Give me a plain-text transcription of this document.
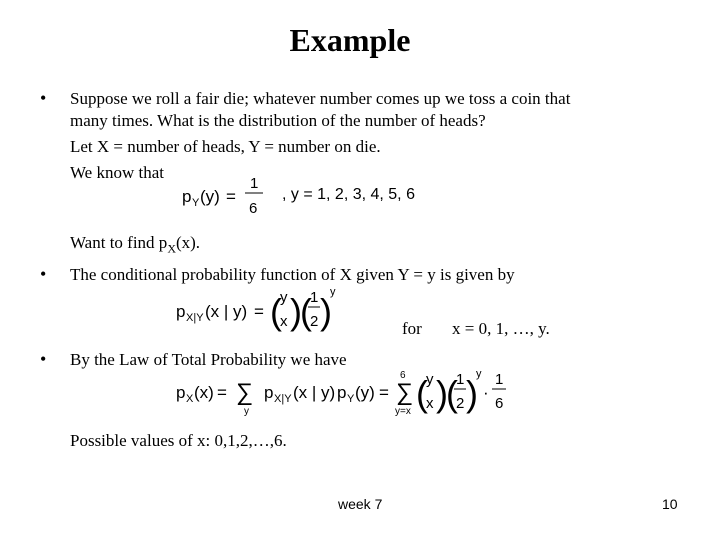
Example
• Suppose we roll a fair die; whatever number comes up we toss a coin that
many times. What is the distribution of the number of heads?
Let X = number of heads, Y = number on die.
We know that
p Y (y) =
1
6
, y = 1, 2, 3, 4, 5, 6
Want to find $p_X(x)$.
• The conditional probability function of X given Y = y is given by
p X|Y (x | y) = (
y
x )
(
1
2 )
y
for x = 0, 1, …, y.
• By the Law of Total Probability we have
p X (x) = ∑
y
p X|Y (x | y) p Y (y) =
6
∑
y=x (
y
x )
(
1
2 )
y
·
1
6
Possible values of x: 0,1,2,…,6.
week 7	10
